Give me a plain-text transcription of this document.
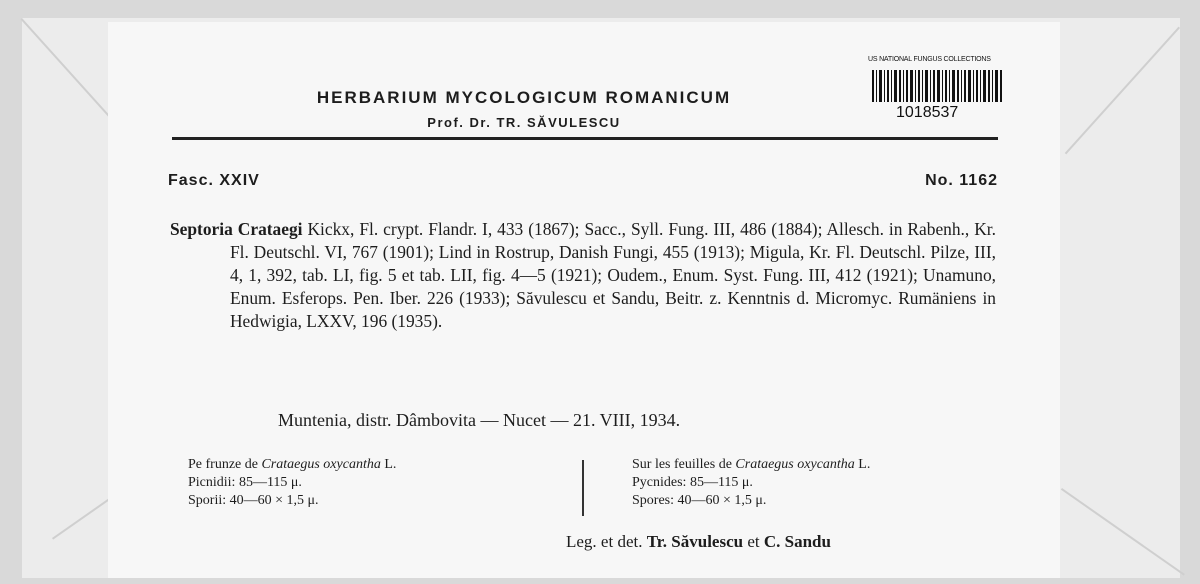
HERBARIUM MYCOLOGICUM ROMANICUM
Prof. Dr. TR. SĂVULESCU
US NATIONAL FUNGUS COLLECTIONS
1018537
Fasc. XXIV	No. 1162
Septoria Crataegi Kickx, Fl. crypt. Flandr. I, 433 (1867); Sacc., Syll. Fung. III, 486 (1884); Allesch. in Rabenh., Kr. Fl. Deutschl. VI, 767 (1901); Lind in Rostrup, Danish Fungi, 455 (1913); Migula, Kr. Fl. Deutschl. Pilze, III, 4, 1, 392, tab. LI, fig. 5 et tab. LII, fig. 4—5 (1921); Oudem., Enum. Syst. Fung. III, 412 (1921); Unamuno, Enum. Esferops. Pen. Iber. 226 (1933); Săvulescu et Sandu, Beitr. z. Kenntnis d. Micromyc. Rumäniens in Hedwigia, LXXV, 196 (1935).
Muntenia, distr. Dâmbovita — Nucet — 21. VIII, 1934.
Pe frunze de Crataegus oxycantha L.
Picnidii: 85—115 μ.
Sporii: 40—60 × 1,5 μ.
Sur les feuilles de Crataegus oxycantha L.
Pycnides: 85—115 μ.
Spores: 40—60 × 1,5 μ.
Leg. et det. Tr. Săvulescu et C. Sandu
